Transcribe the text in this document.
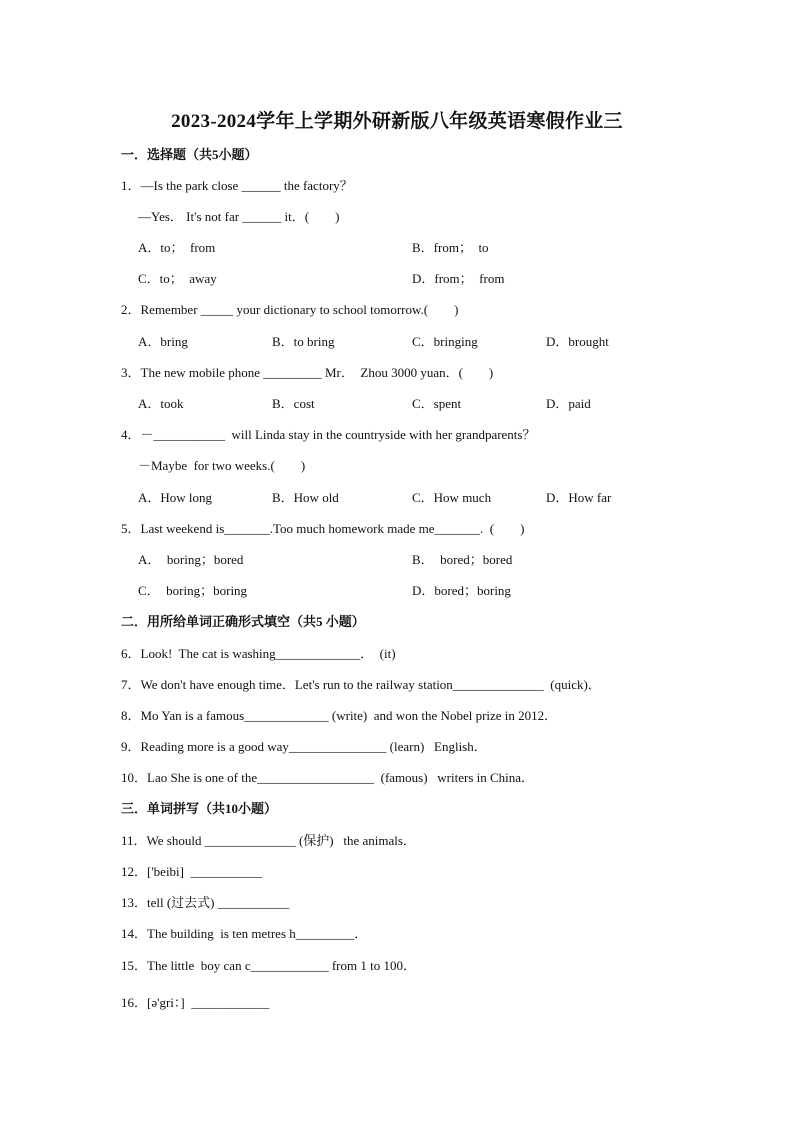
2023-2024学年上学期外研新版八年级英语寒假作业三
一．选择题（共5小题）
1．—Is the park close ______ the factory？
—Yes． It's not far ______ it．(　　)
A．to；  from	B．from；  to
C．to；  away	D．from；  from
2．Remember _____ your dictionary to school tomorrow.(　　)
A．bring	B．to bring	C．bringing	D．brought
3．The new mobile phone _________ Mr．  Zhou 3000 yuan．(　　)
A．took	B．cost	C．spent	D．paid
4．－___________  will Linda stay in the countryside with her grandparents？
－Maybe  for two weeks.(　　)
A．How long	B．How old	C．How much	D．How far
5．Last weekend is_______.Too much homework made me_______.  (　　)
A．  boring；bored	B．  bored；bored
C．  boring；boring	D．bored；boring
二．用所给单词正确形式填空（共5 小题）
6．Look!  The cat is washing_____________．  (it)
7．We don't have enough time．Let's run to the railway station______________  (quick)．
8．Mo Yan is a famous_____________ (write)  and won the Nobel prize in 2012．
9．Reading more is a good way_______________ (learn)   English．
10．Lao She is one of the__________________  (famous)   writers in China．
三．单词拼写（共10小题）
11．We should ______________ (保护)   the animals．
12．['beibi]  ___________
13．tell (过去式) ___________
14．The building  is ten metres h_________．
15．The little  boy can c____________ from 1 to 100．
16．[ə'gri：]  ____________
